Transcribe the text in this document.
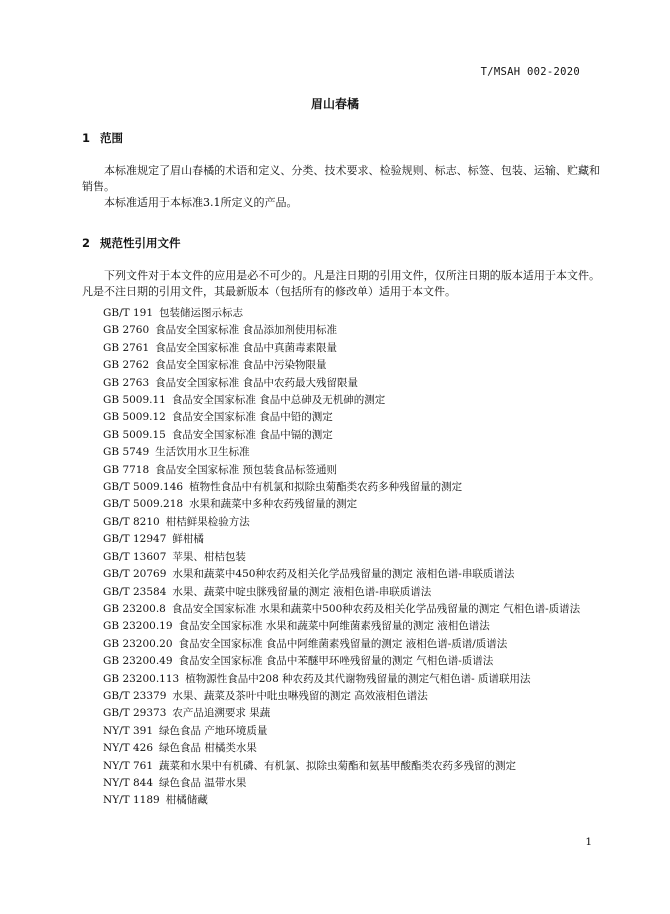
T/MSAH 002-2020
眉山春橘
1 范围

本标准规定了眉山春橘的术语和定义、分类、技术要求、检验规则、标志、标签、包装、运输、贮藏和销售。

本标准适用于本标准3.1所定义的产品。

2 规范性引用文件

下列文件对于本文件的应用是必不可少的。凡是注日期的引用文件，仅所注日期的版本适用于本文件。凡是不注日期的引用文件，其最新版本（包括所有的修改单）适用于本文件。

GB/T 191 包装储运图示标志
GB 2760 食品安全国家标准 食品添加剂使用标准
GB 2761 食品安全国家标准 食品中真菌毒素限量
GB 2762 食品安全国家标准 食品中污染物限量
GB 2763 食品安全国家标准 食品中农药最大残留限量
GB 5009.11 食品安全国家标准 食品中总砷及无机砷的测定
GB 5009.12 食品安全国家标准 食品中铅的测定
GB 5009.15 食品安全国家标准 食品中镉的测定
GB 5749 生活饮用水卫生标准
GB 7718 食品安全国家标准 预包装食品标签通则
GB/T 5009.146 植物性食品中有机氯和拟除虫菊酯类农药多种残留量的测定
GB/T 5009.218 水果和蔬菜中多种农药残留量的测定
GB/T 8210 柑桔鲜果检验方法
GB/T 12947 鲜柑橘
GB/T 13607 苹果、柑桔包装
GB/T 20769 水果和蔬菜中450种农药及相关化学品残留量的测定 液相色谱-串联质谱法
GB/T 23584 水果、蔬菜中啶虫脒残留量的测定 液相色谱-串联质谱法
GB 23200.8 食品安全国家标准 水果和蔬菜中500种农药及相关化学品残留量的测定 气相色谱-质谱法
GB 23200.19 食品安全国家标准 水果和蔬菜中阿维菌素残留量的测定 液相色谱法
GB 23200.20 食品安全国家标准 食品中阿维菌素残留量的测定 液相色谱-质谱/质谱法
GB 23200.49 食品安全国家标准 食品中苯醚甲环唑残留量的测定 气相色谱-质谱法
GB 23200.113 植物源性食品中208 种农药及其代谢物残留量的测定气相色谱- 质谱联用法
GB/T 23379 水果、蔬菜及茶叶中吡虫啉残留的测定 高效液相色谱法
GB/T 29373 农产品追溯要求 果蔬
NY/T 391 绿色食品 产地环境质量
NY/T 426 绿色食品 柑橘类水果
NY/T 761 蔬菜和水果中有机磷、有机氯、拟除虫菊酯和氨基甲酸酯类农药多残留的测定
NY/T 844 绿色食品 温带水果
NY/T 1189 柑橘储藏
1
